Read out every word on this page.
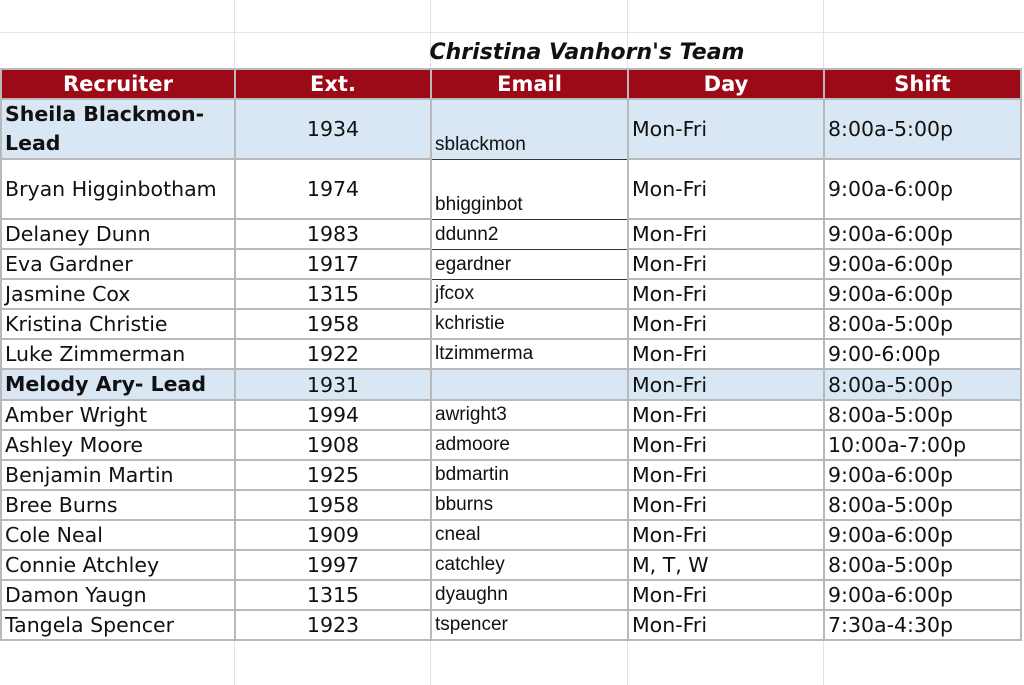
Christina Vanhorn's Team
Recruiter	Ext.	Email	Day	Shift
Sheila Blackmon-Lead	1934	sblackmon	Mon-Fri	8:00a-5:00p
Bryan Higginbotham	1974	bhigginbot	Mon-Fri	9:00a-6:00p
Delaney Dunn	1983	ddunn2	Mon-Fri	9:00a-6:00p
Eva Gardner	1917	egardner	Mon-Fri	9:00a-6:00p
Jasmine Cox	1315	jfcox	Mon-Fri	9:00a-6:00p
Kristina Christie	1958	kchristie	Mon-Fri	8:00a-5:00p
Luke Zimmerman	1922	ltzimmerma	Mon-Fri	9:00-6:00p
Melody Ary- Lead	1931		Mon-Fri	8:00a-5:00p
Amber Wright	1994	awright3	Mon-Fri	8:00a-5:00p
Ashley Moore	1908	admoore	Mon-Fri	10:00a-7:00p
Benjamin Martin	1925	bdmartin	Mon-Fri	9:00a-6:00p
Bree Burns	1958	bburns	Mon-Fri	8:00a-5:00p
Cole Neal	1909	cneal	Mon-Fri	9:00a-6:00p
Connie Atchley	1997	catchley	M, T, W	8:00a-5:00p
Damon Yaugn	1315	dyaughn	Mon-Fri	9:00a-6:00p
Tangela Spencer	1923	tspencer	Mon-Fri	7:30a-4:30p
